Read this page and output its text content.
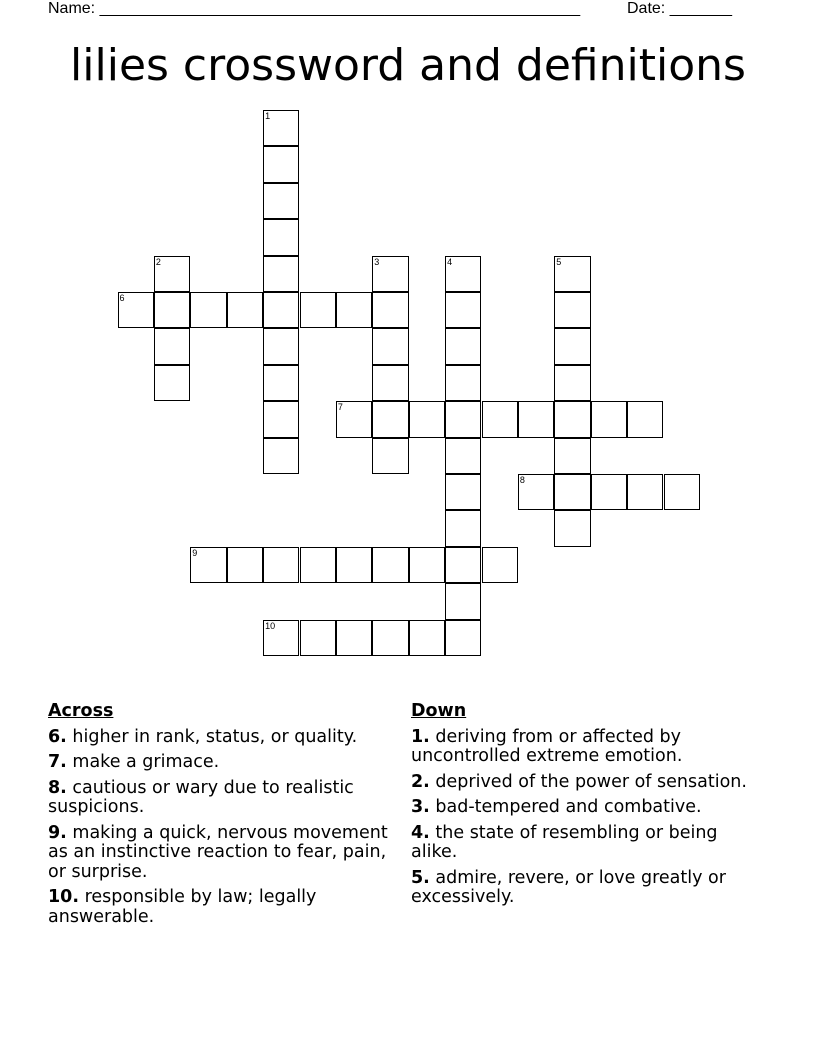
Name: ______________________________________________________	Date: _______
lilies crossword and definitions
1
2	3	4	5
6
7
8
9
10
Across
6. higher in rank, status, or quality.
7. make a grimace.
8. cautious or wary due to realistic suspicions.
9. making a quick, nervous movement as an instinctive reaction to fear, pain, or surprise.
10. responsible by law; legally answerable.
Down
1. deriving from or affected by uncontrolled extreme emotion.
2. deprived of the power of sensation.
3. bad-tempered and combative.
4. the state of resembling or being alike.
5. admire, revere, or love greatly or excessively.
